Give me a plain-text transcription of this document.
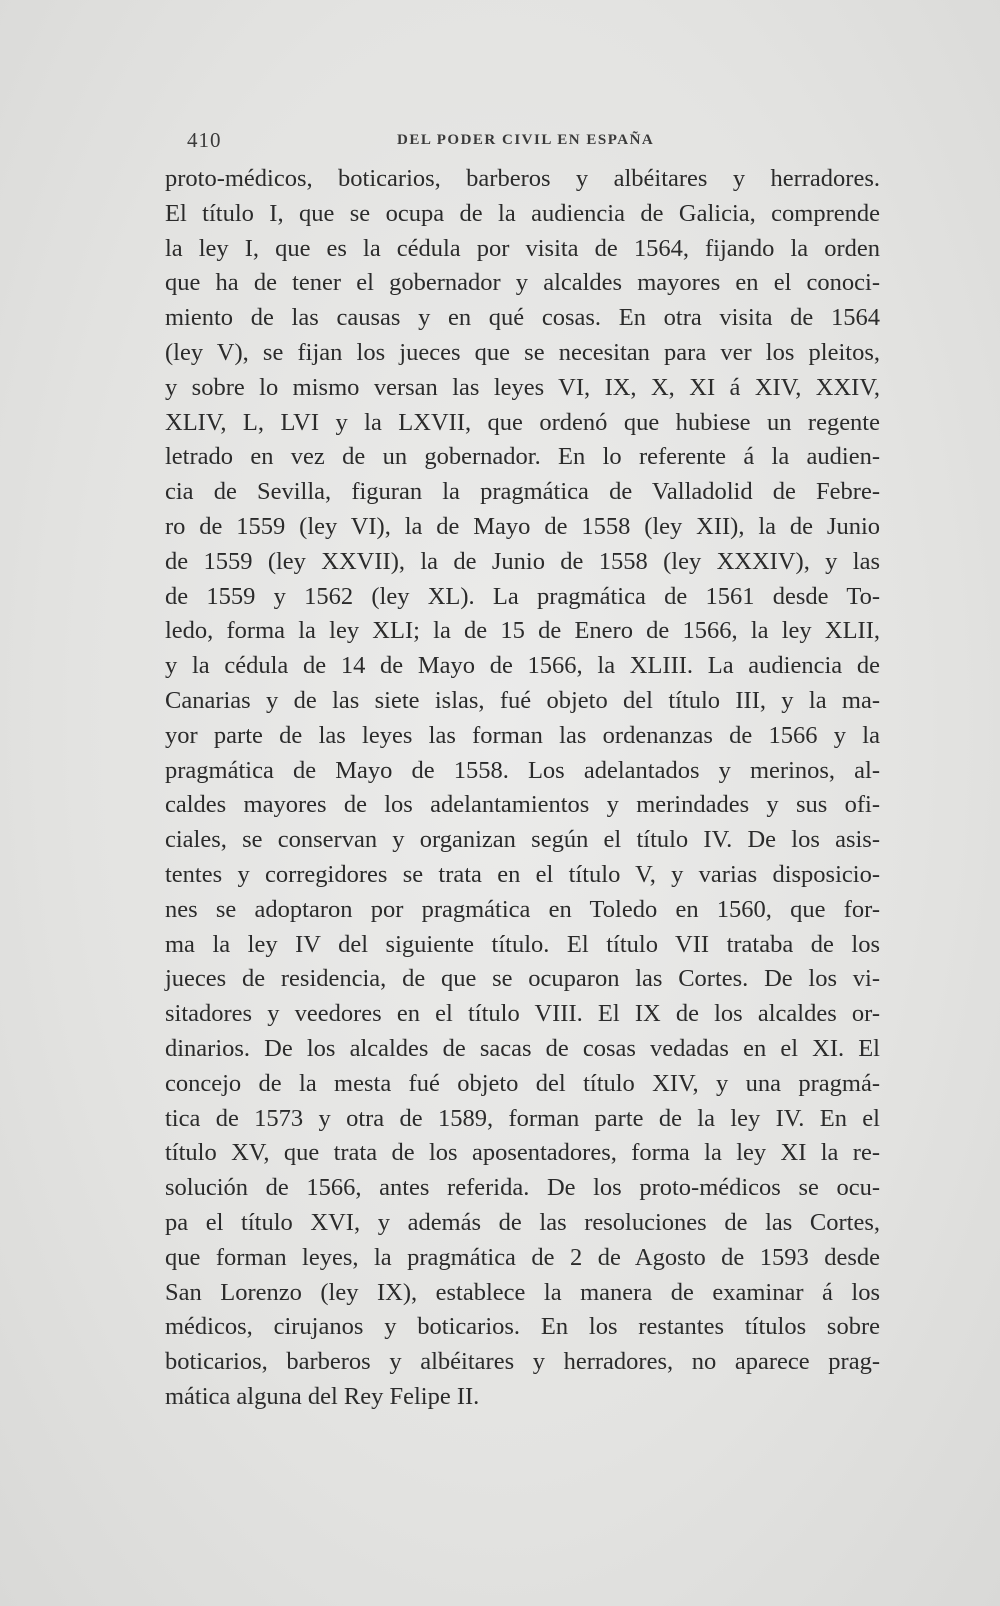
410	DEL PODER CIVIL EN ESPAÑA
proto-médicos, boticarios, barberos y albéitares y herradores.
El título I, que se ocupa de la audiencia de Galicia, comprende
la ley I, que es la cédula por visita de 1564, fijando la orden
que ha de tener el gobernador y alcaldes mayores en el conoci-
miento de las causas y en qué cosas. En otra visita de 1564
(ley V), se fijan los jueces que se necesitan para ver los pleitos,
y sobre lo mismo versan las leyes VI, IX, X, XI á XIV, XXIV,
XLIV, L, LVI y la LXVII, que ordenó que hubiese un regente
letrado en vez de un gobernador. En lo referente á la audien-
cia de Sevilla, figuran la pragmática de Valladolid de Febre-
ro de 1559 (ley VI), la de Mayo de 1558 (ley XII), la de Junio
de 1559 (ley XXVII), la de Junio de 1558 (ley XXXIV), y las
de 1559 y 1562 (ley XL). La pragmática de 1561 desde To-
ledo, forma la ley XLI; la de 15 de Enero de 1566, la ley XLII,
y la cédula de 14 de Mayo de 1566, la XLIII. La audiencia de
Canarias y de las siete islas, fué objeto del título III, y la ma-
yor parte de las leyes las forman las ordenanzas de 1566 y la
pragmática de Mayo de 1558. Los adelantados y merinos, al-
caldes mayores de los adelantamientos y merindades y sus ofi-
ciales, se conservan y organizan según el título IV. De los asis-
tentes y corregidores se trata en el título V, y varias disposicio-
nes se adoptaron por pragmática en Toledo en 1560, que for-
ma la ley IV del siguiente título. El título VII trataba de los
jueces de residencia, de que se ocuparon las Cortes. De los vi-
sitadores y veedores en el título VIII. El IX de los alcaldes or-
dinarios. De los alcaldes de sacas de cosas vedadas en el XI. El
concejo de la mesta fué objeto del título XIV, y una pragmá-
tica de 1573 y otra de 1589, forman parte de la ley IV. En el
título XV, que trata de los aposentadores, forma la ley XI la re-
solución de 1566, antes referida. De los proto-médicos se ocu-
pa el título XVI, y además de las resoluciones de las Cortes,
que forman leyes, la pragmática de 2 de Agosto de 1593 desde
San Lorenzo (ley IX), establece la manera de examinar á los
médicos, cirujanos y boticarios. En los restantes títulos sobre
boticarios, barberos y albéitares y herradores, no aparece prag-
mática alguna del Rey Felipe II.
